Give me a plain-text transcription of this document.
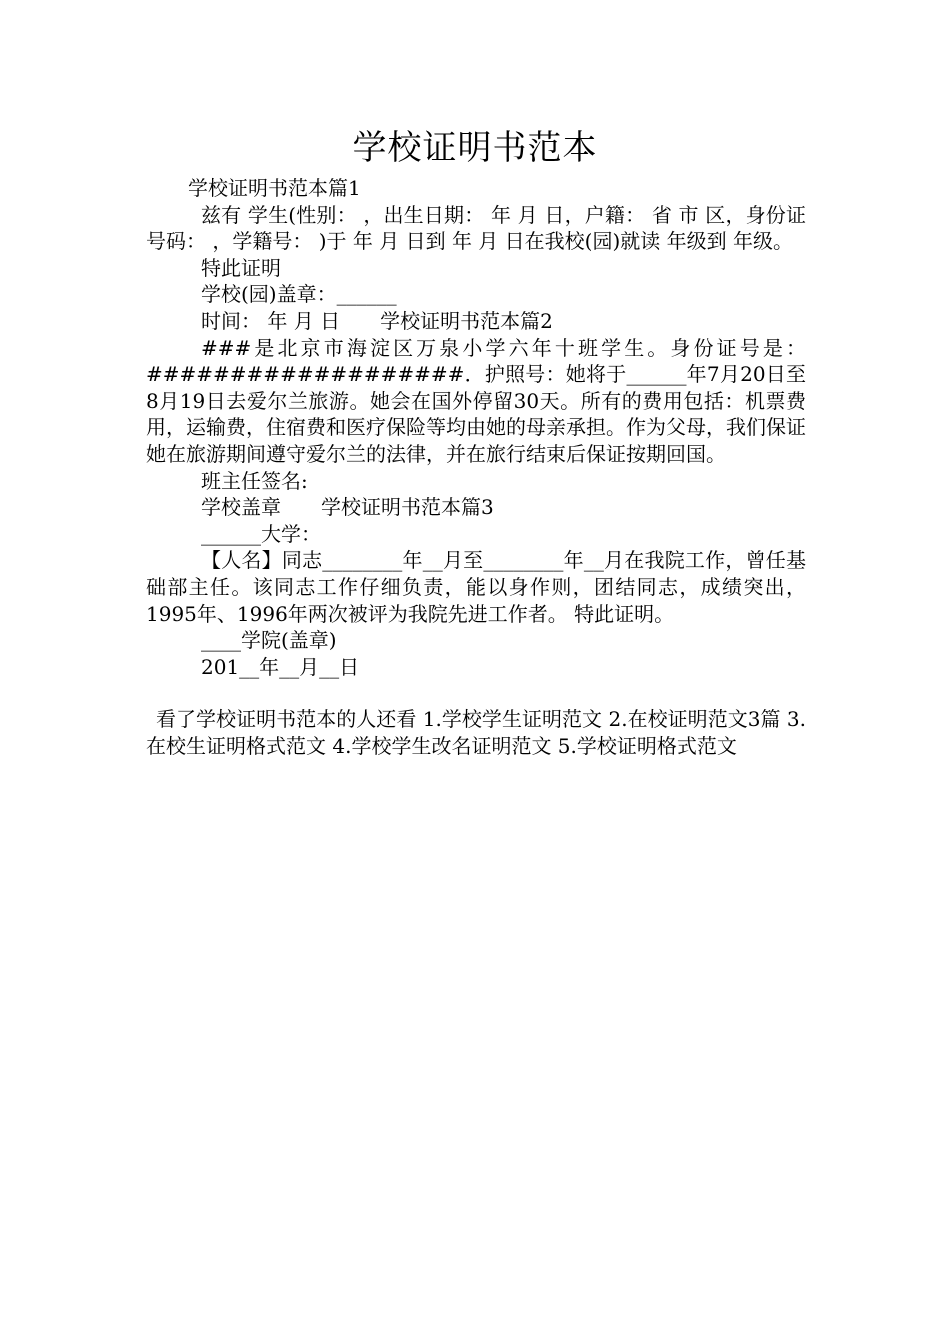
学校证明书范本

学校证明书范本篇1

兹有 学生(性别： ，出生日期： 年 月 日，户籍： 省 市 区，身份证号码： ，学籍号： )于 年 月 日到 年 月 日在我校(园)就读 年级到 年级。

特此证明

学校(园)盖章：______

时间： 年 月 日　　学校证明书范本篇2

###是北京市海淀区万泉小学六年十班学生。身份证号是： ###################．护照号：她将于______年7月20日至8月19日去爱尔兰旅游。她会在国外停留30天。所有的费用包括：机票费用，运输费，住宿费和医疗保险等均由她的母亲承担。作为父母，我们保证她在旅游期间遵守爱尔兰的法律，并在旅行结束后保证按期回国。

班主任签名:

学校盖章　　学校证明书范本篇3

______大学：

【人名】同志________年__月至________年__月在我院工作，曾任基础部主任。该同志工作仔细负责，能以身作则，团结同志，成绩突出，1995年、1996年两次被评为我院先进工作者。 特此证明。

____学院(盖章)

201__年__月__日

看了学校证明书范本的人还看 1.学校学生证明范文 2.在校证明范文3篇 3.在校生证明格式范文 4.学校学生改名证明范文 5.学校证明格式范文
